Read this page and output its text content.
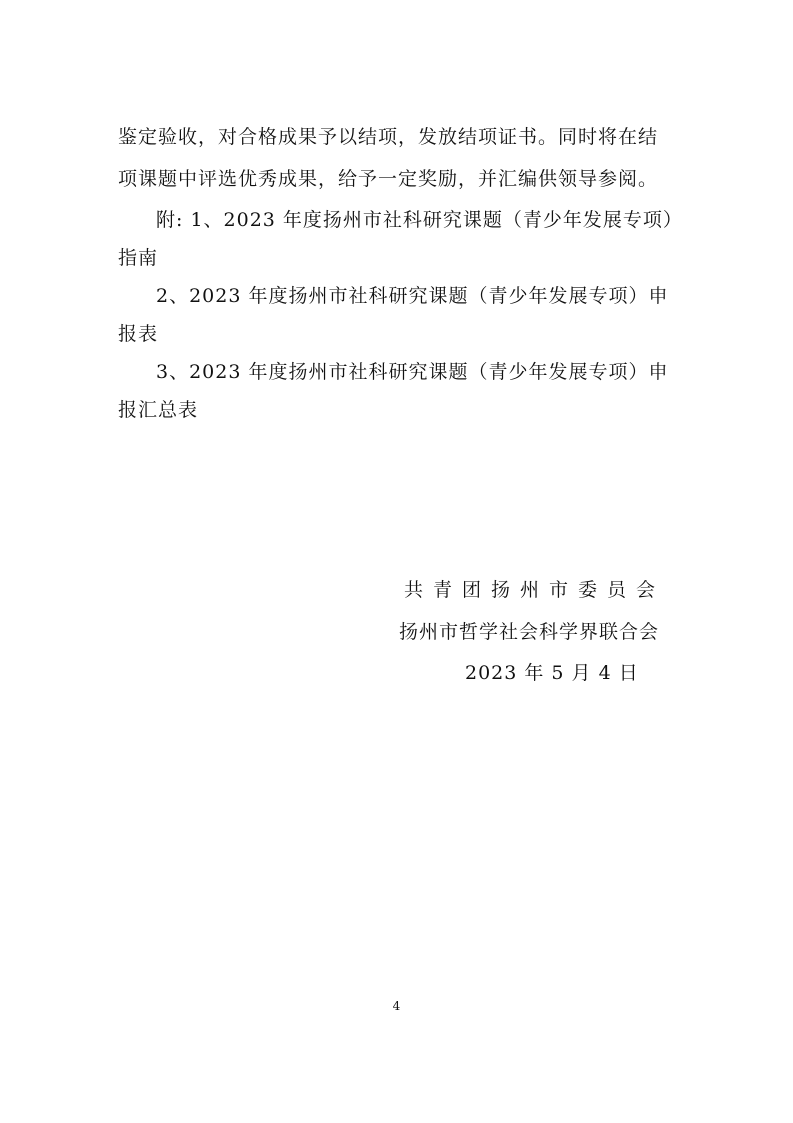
鉴定验收，对合格成果予以结项，发放结项证书。同时将在结
项课题中评选优秀成果，给予一定奖励，并汇编供领导参阅。
附: 1、2023 年度扬州市社科研究课题（青少年发展专项）
指南
2、2023 年度扬州市社科研究课题（青少年发展专项）申
报表
3、2023 年度扬州市社科研究课题（青少年发展专项）申
报汇总表
共青团扬州市委员会
扬州市哲学社会科学界联合会
2023 年 5 月 4 日
4
